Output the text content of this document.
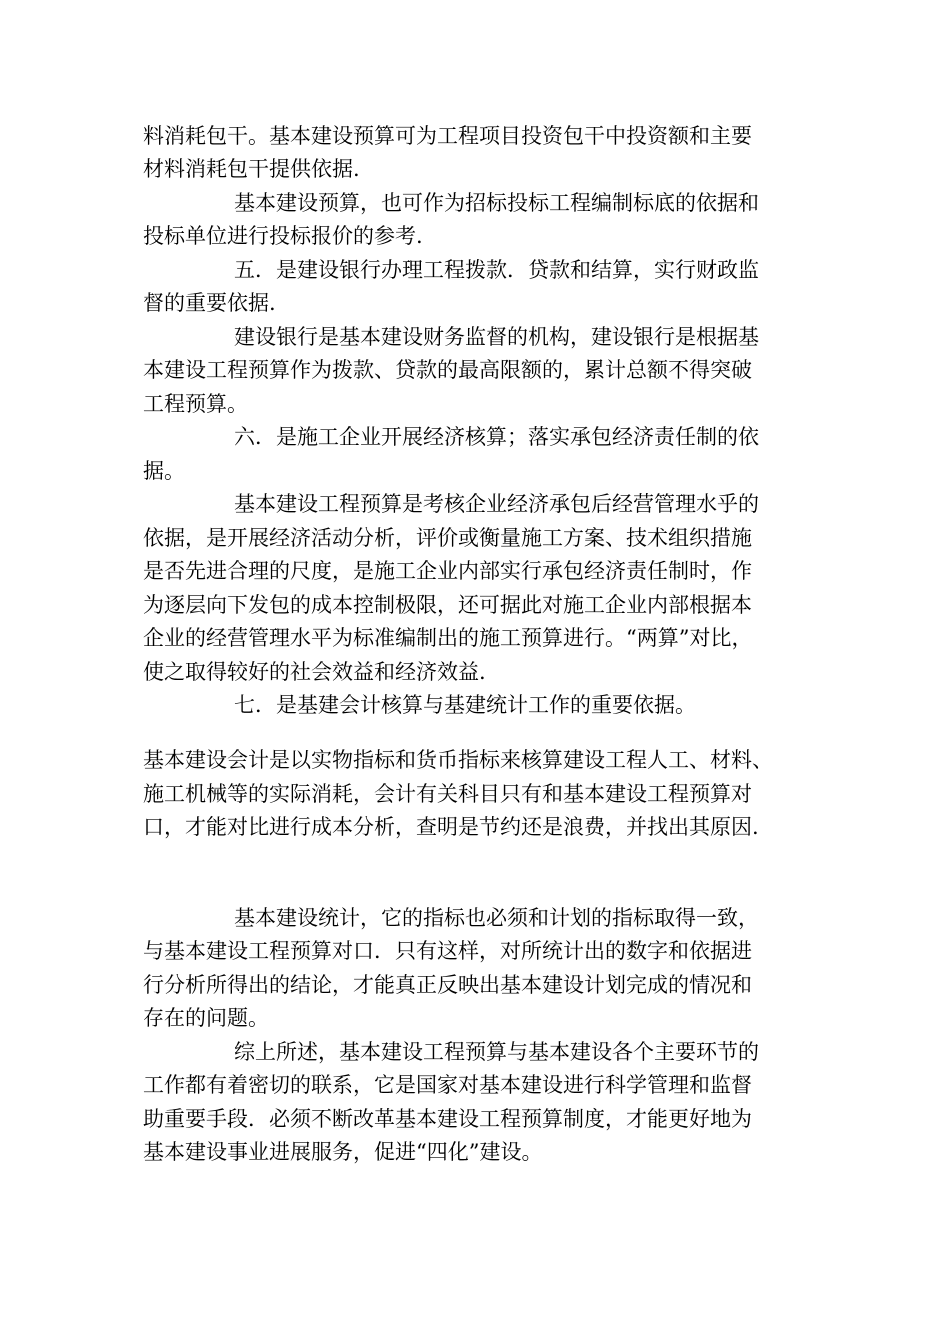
料消耗包干。基本建设预算可为工程项目投资包干中投资额和主要
材料消耗包干提供依据.
基本建设预算，也可作为招标投标工程编制标底的依据和
投标单位进行投标报价的参考.
五．是建设银行办理工程拨款．贷款和结算，实行财政监
督的重要依据.
建设银行是基本建设财务监督的机构，建设银行是根据基
本建设工程预算作为拨款、贷款的最高限额的，累计总额不得突破
工程预算。
六．是施工企业开展经济核算；落实承包经济责任制的依
据。
基本建设工程预算是考核企业经济承包后经营管理水乎的
依据，是开展经济活动分析，评价或衡量施工方案、技术组织措施
是否先进合理的尺度，是施工企业内部实行承包经济责任制时，作
为逐层向下发包的成本控制极限，还可据此对施工企业内部根据本
企业的经营管理水平为标准编制出的施工预算进行。“两算”对比，
使之取得较好的社会效益和经济效益.
七．是基建会计核算与基建统计工作的重要依据。
基本建设会计是以实物指标和货币指标来核算建设工程人工、材料、
施工机械等的实际消耗，会计有关科目只有和基本建设工程预算对
口，才能对比进行成本分析，查明是节约还是浪费，并找出其原因.
基本建设统计，它的指标也必须和计划的指标取得一致，
与基本建设工程预算对口．只有这样，对所统计出的数字和依据进
行分析所得出的结论，才能真正反映出基本建设计划完成的情况和
存在的问题。
综上所述，基本建设工程预算与基本建设各个主要环节的
工作都有着密切的联系，它是国家对基本建设进行科学管理和监督
助重要手段．必须不断改革基本建设工程预算制度，才能更好地为
基本建设事业进展服务，促进“四化”建设。
